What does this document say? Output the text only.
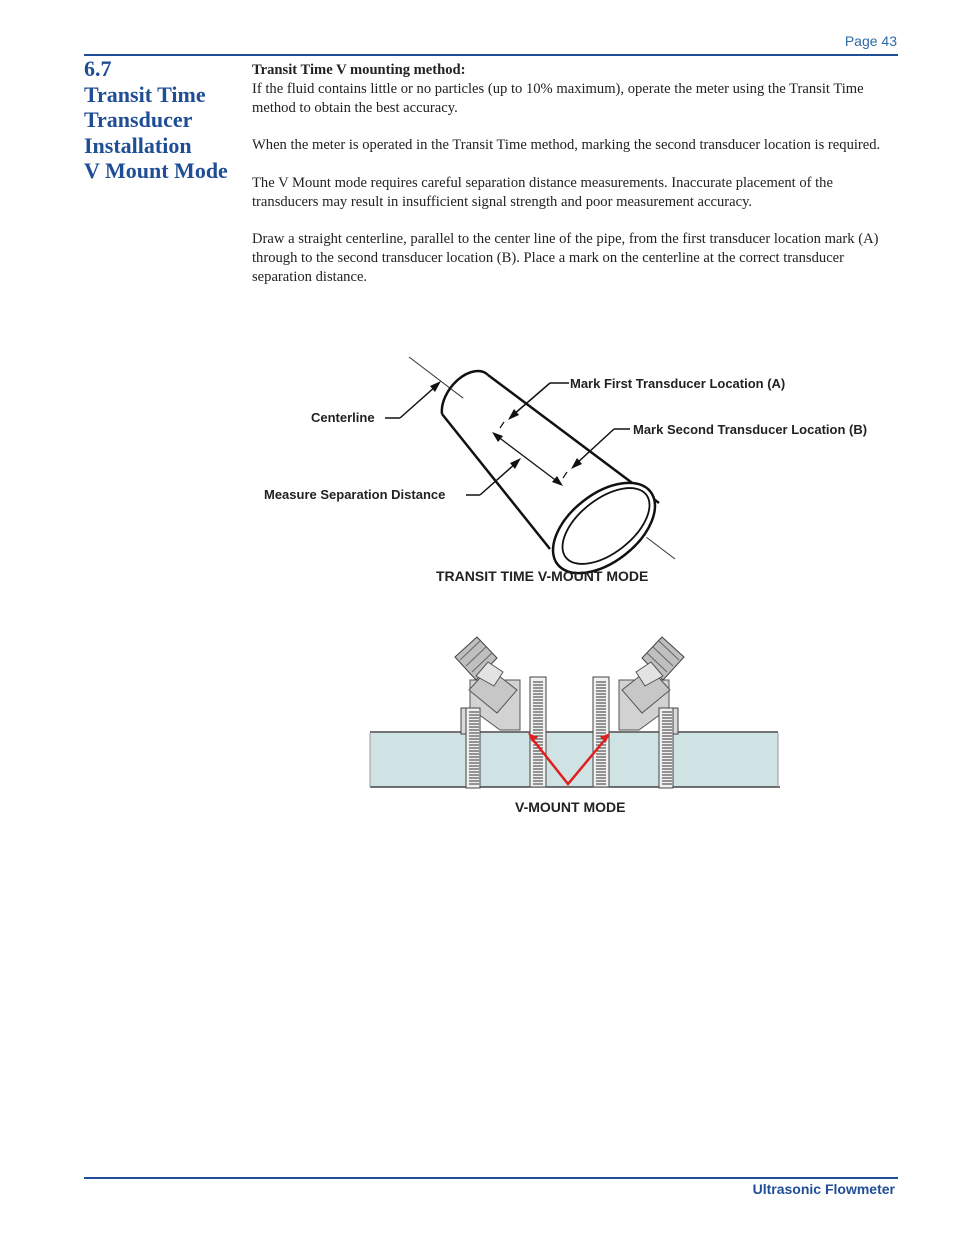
Page 43
6.7
Transit Time
Transducer
Installation
V Mount Mode

Transit Time V mounting method:

If the fluid contains little or no particles (up to 10% maximum), operate the meter using the Transit Time method to obtain the best accuracy.

When the meter is operated in the Transit Time method, marking the second transducer location is required.

The V Mount mode requires careful separation distance measurements. Inaccurate placement of the transducers may result in insufficient signal strength and poor measurement accuracy.

Draw a straight centerline, parallel to the center line of the pipe, from the first transducer location mark (A) through to the second transducer location (B). Place a mark on the centerline at the correct transducer separation distance.

Mark First Transducer Location (A)
Centerline
Mark Second Transducer Location (B)
Measure Separation Distance
TRANSIT TIME V-MOUNT MODE
V-MOUNT MODE
Ultrasonic Flowmeter
